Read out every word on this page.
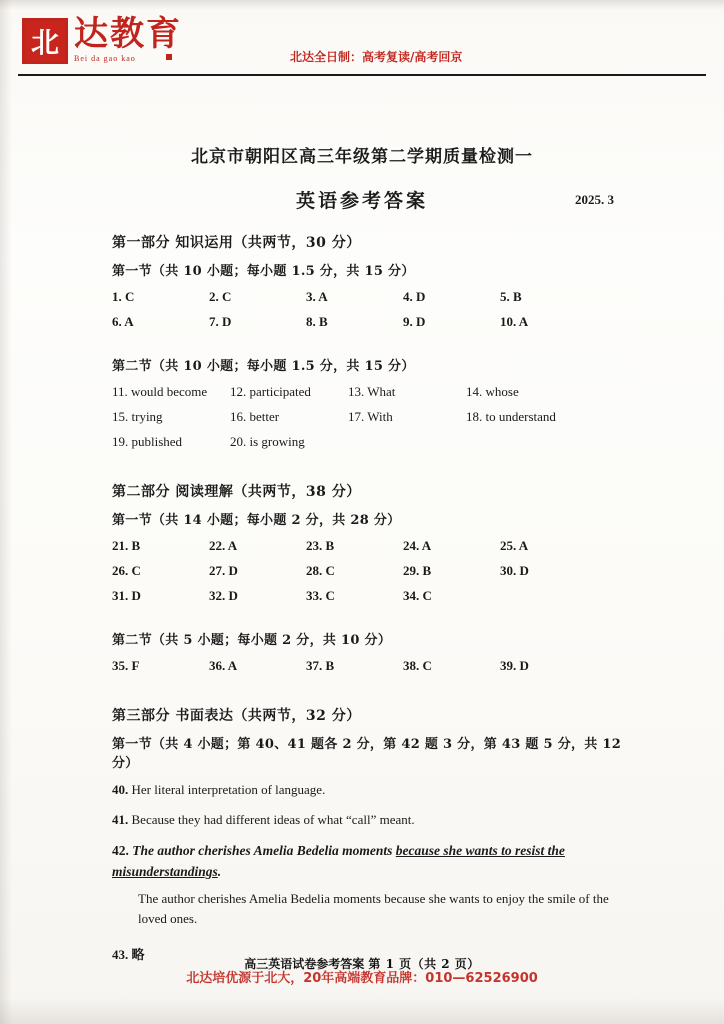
北 达教育
Bei da gao kao	北达全日制：高考复读/高考回京
北京市朝阳区高三年级第二学期质量检测一
英语参考答案	2025. 3
第一部分 知识运用（共两节，30 分）
第一节（共 10 小题；每小题 1.5 分，共 15 分）
1. C	2. C	3. A	4. D	5. B
6. A	7. D	8. B	9. D	10. A
第二节（共 10 小题；每小题 1.5 分，共 15 分）
11. would become	12. participated	13. What	14. whose
15. trying	16. better	17. With	18. to understand
19. published	20. is growing
第二部分 阅读理解（共两节，38 分）
第一节（共 14 小题；每小题 2 分，共 28 分）
21. B	22. A	23. B	24. A	25. A
26. C	27. D	28. C	29. B	30. D
31. D	32. D	33. C	34. C
第二节（共 5 小题；每小题 2 分，共 10 分）
35. F	36. A	37. B	38. C	39. D
第三部分 书面表达（共两节，32 分）
第一节（共 4 小题；第 40、41 题各 2 分，第 42 题 3 分，第 43 题 5 分，共 12 分）

40. Her literal interpretation of language.

41. Because they had different ideas of what “call” meant.

42. The author cherishes Amelia Bedelia moments because she wants to resist the misunderstandings.

The author cherishes Amelia Bedelia moments because she wants to enjoy the smile of the loved ones.

43. 略

高三英语试卷参考答案 第 1 页（共 2 页）
北达培优源于北大，20年高端教育品牌：010—62526900
